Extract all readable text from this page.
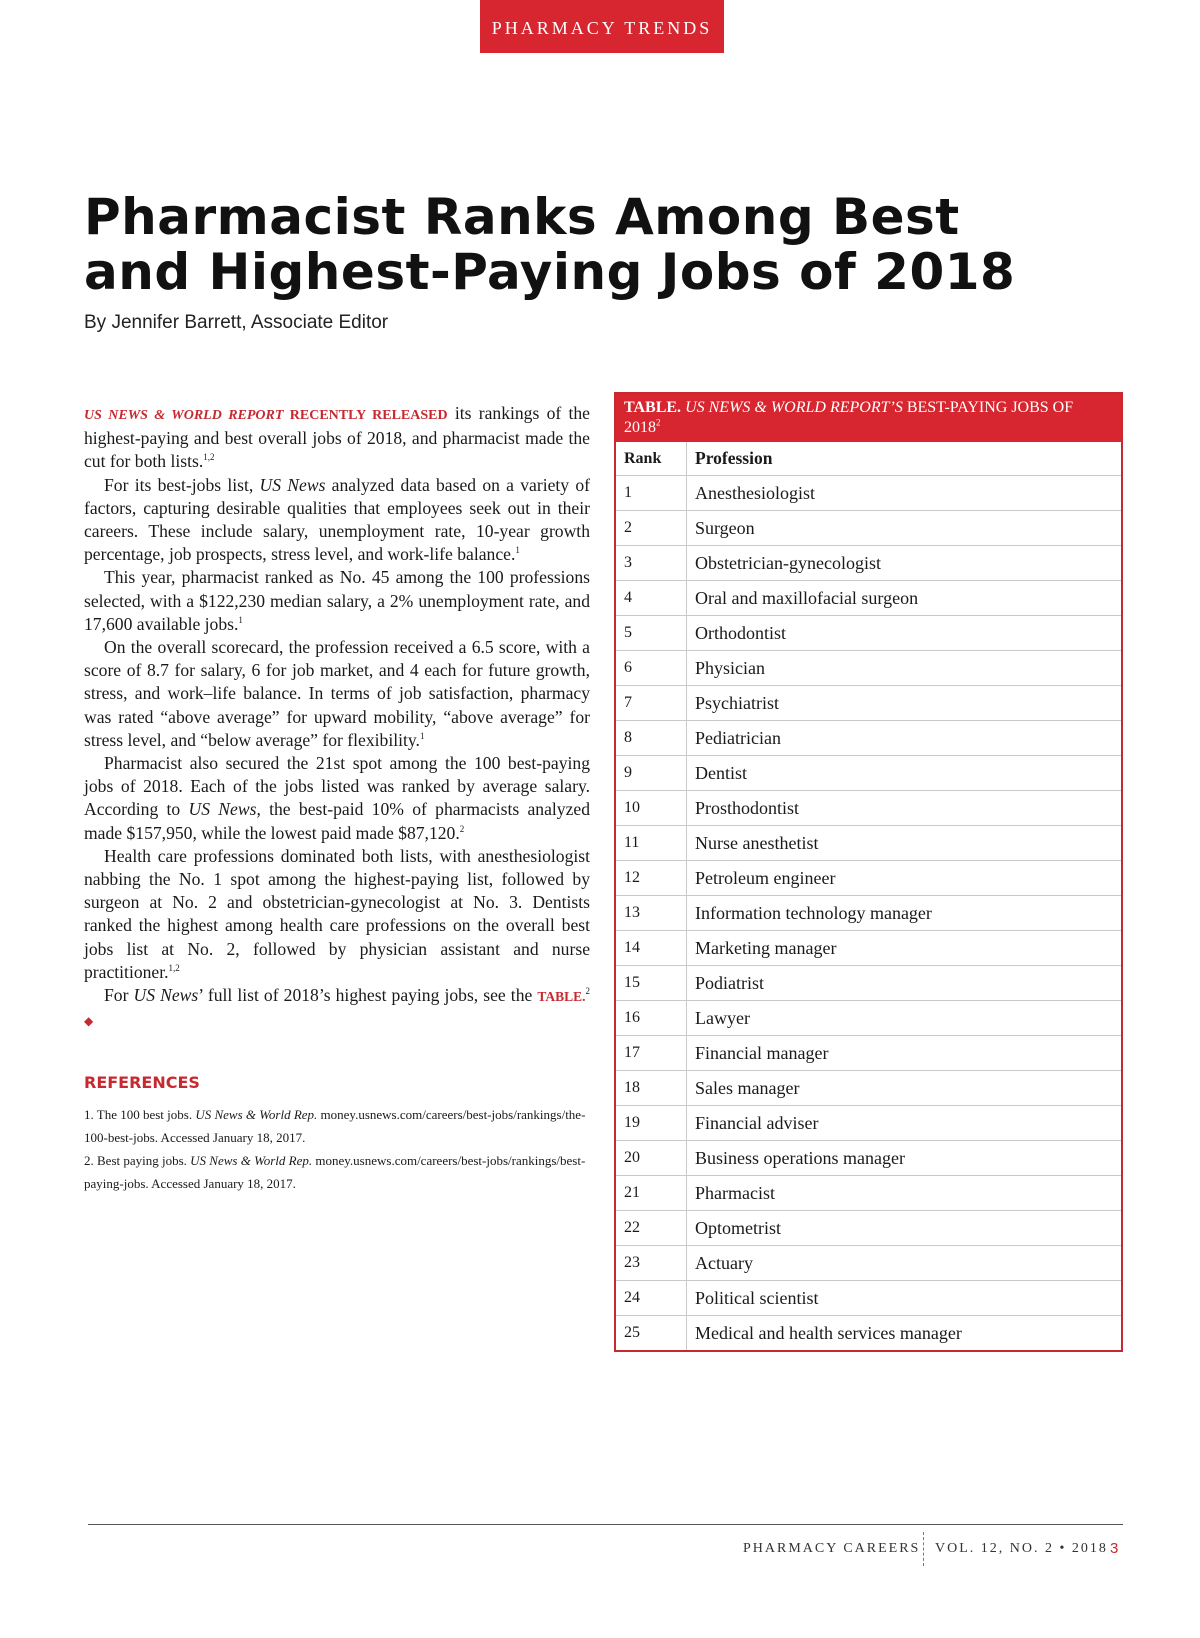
PHARMACY TRENDS
Pharmacist Ranks Among Best
and Highest-Paying Jobs of 2018
By Jennifer Barrett, Associate Editor

US NEWS & WORLD REPORT RECENTLY RELEASED its rankings of the highest-paying and best overall jobs of 2018, and pharmacist made the cut for both lists.$^{1,2}$

For its best-jobs list, US News analyzed data based on a variety of factors, capturing desirable qualities that employees seek out in their careers. These include salary, unemployment rate, 10-year growth percentage, job prospects, stress level, and work-life balance.$^1$

This year, pharmacist ranked as No. 45 among the 100 professions selected, with a $122,230 median salary, a 2% unemployment rate, and 17,600 available jobs.$^1$

On the overall scorecard, the profession received a 6.5 score, with a score of 8.7 for salary, 6 for job market, and 4 each for future growth, stress, and work–life balance. In terms of job satisfaction, pharmacy was rated “above average” for upward mobility, “above average” for stress level, and “below average” for flexibility.$^1$

Pharmacist also secured the 21st spot among the 100 best-paying jobs of 2018. Each of the jobs listed was ranked by average salary. According to US News, the best-paid 10% of pharmacists analyzed made $157,950, while the lowest paid made $87,120.$^2$

Health care professions dominated both lists, with anesthesiologist nabbing the No. 1 spot among the highest-paying list, followed by surgeon at No. 2 and obstetrician-gynecologist at No. 3. Dentists ranked the highest among health care professions on the overall best jobs list at No. 2, followed by physician assistant and nurse practitioner.$^{1,2}$

For US News’ full list of 2018’s highest paying jobs, see the TABLE.$^2$ ◆

REFERENCES
1. The 100 best jobs. US News & World Rep. money.usnews.com/careers/best-jobs/rankings/the-100-best-jobs. Accessed January 18, 2017.
2. Best paying jobs. US News & World Rep. money.usnews.com/careers/best-jobs/rankings/best-paying-jobs. Accessed January 18, 2017.
TABLE. US NEWS & WORLD REPORT’S BEST-PAYING JOBS OF 2018$^2$
Rank	Profession
1	Anesthesiologist
2	Surgeon
3	Obstetrician-gynecologist
4	Oral and maxillofacial surgeon
5	Orthodontist
6	Physician
7	Psychiatrist
8	Pediatrician
9	Dentist
10	Prosthodontist
11	Nurse anesthetist
12	Petroleum engineer
13	Information technology manager
14	Marketing manager
15	Podiatrist
16	Lawyer
17	Financial manager
18	Sales manager
19	Financial adviser
20	Business operations manager
21	Pharmacist
22	Optometrist
23	Actuary
24	Political scientist
25	Medical and health services manager
PHARMACY CAREERS VOL. 12, NO. 2 • 2018 3
